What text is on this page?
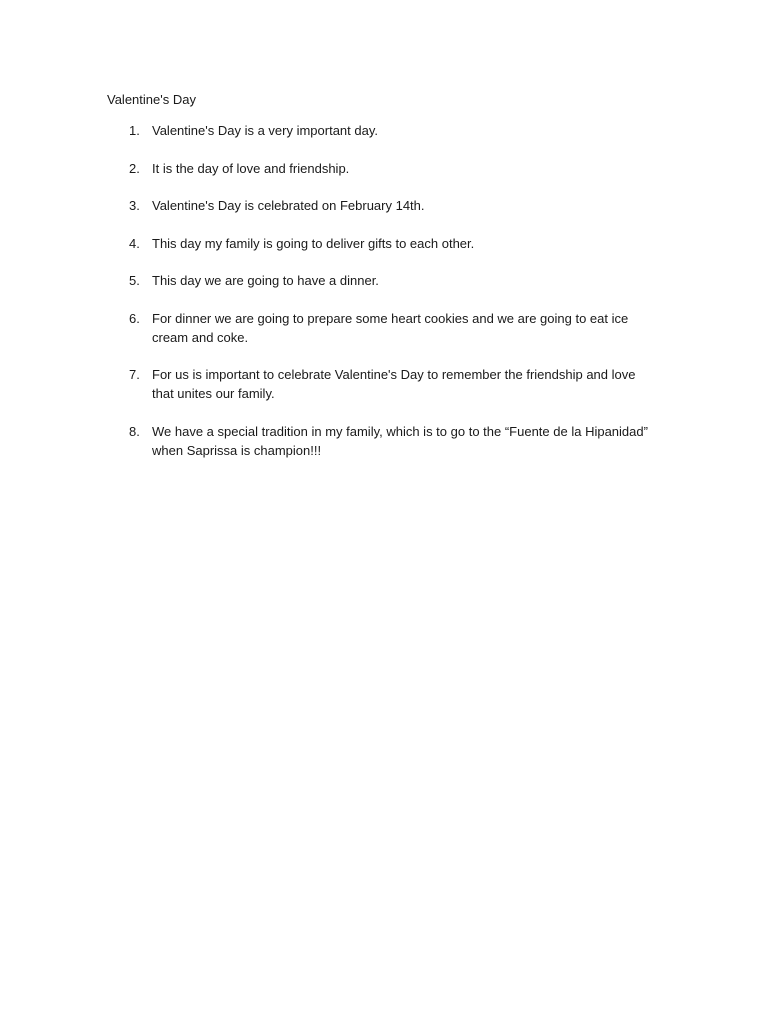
Valentine's Day
1. Valentine's Day is a very important day.
2. It is the day of love and friendship.
3. Valentine's Day is celebrated on February 14th.
4. This day my family is going to deliver gifts to each other.
5. This day we are going to have a dinner.
6. For dinner we are going to prepare some heart cookies and we are going to eat ice cream and coke.
7. For us is important to celebrate Valentine's Day to remember the friendship and love that unites our family.
8. We have a special tradition in my family, which is to go to the “Fuente de la Hipanidad” when Saprissa is champion!!!
